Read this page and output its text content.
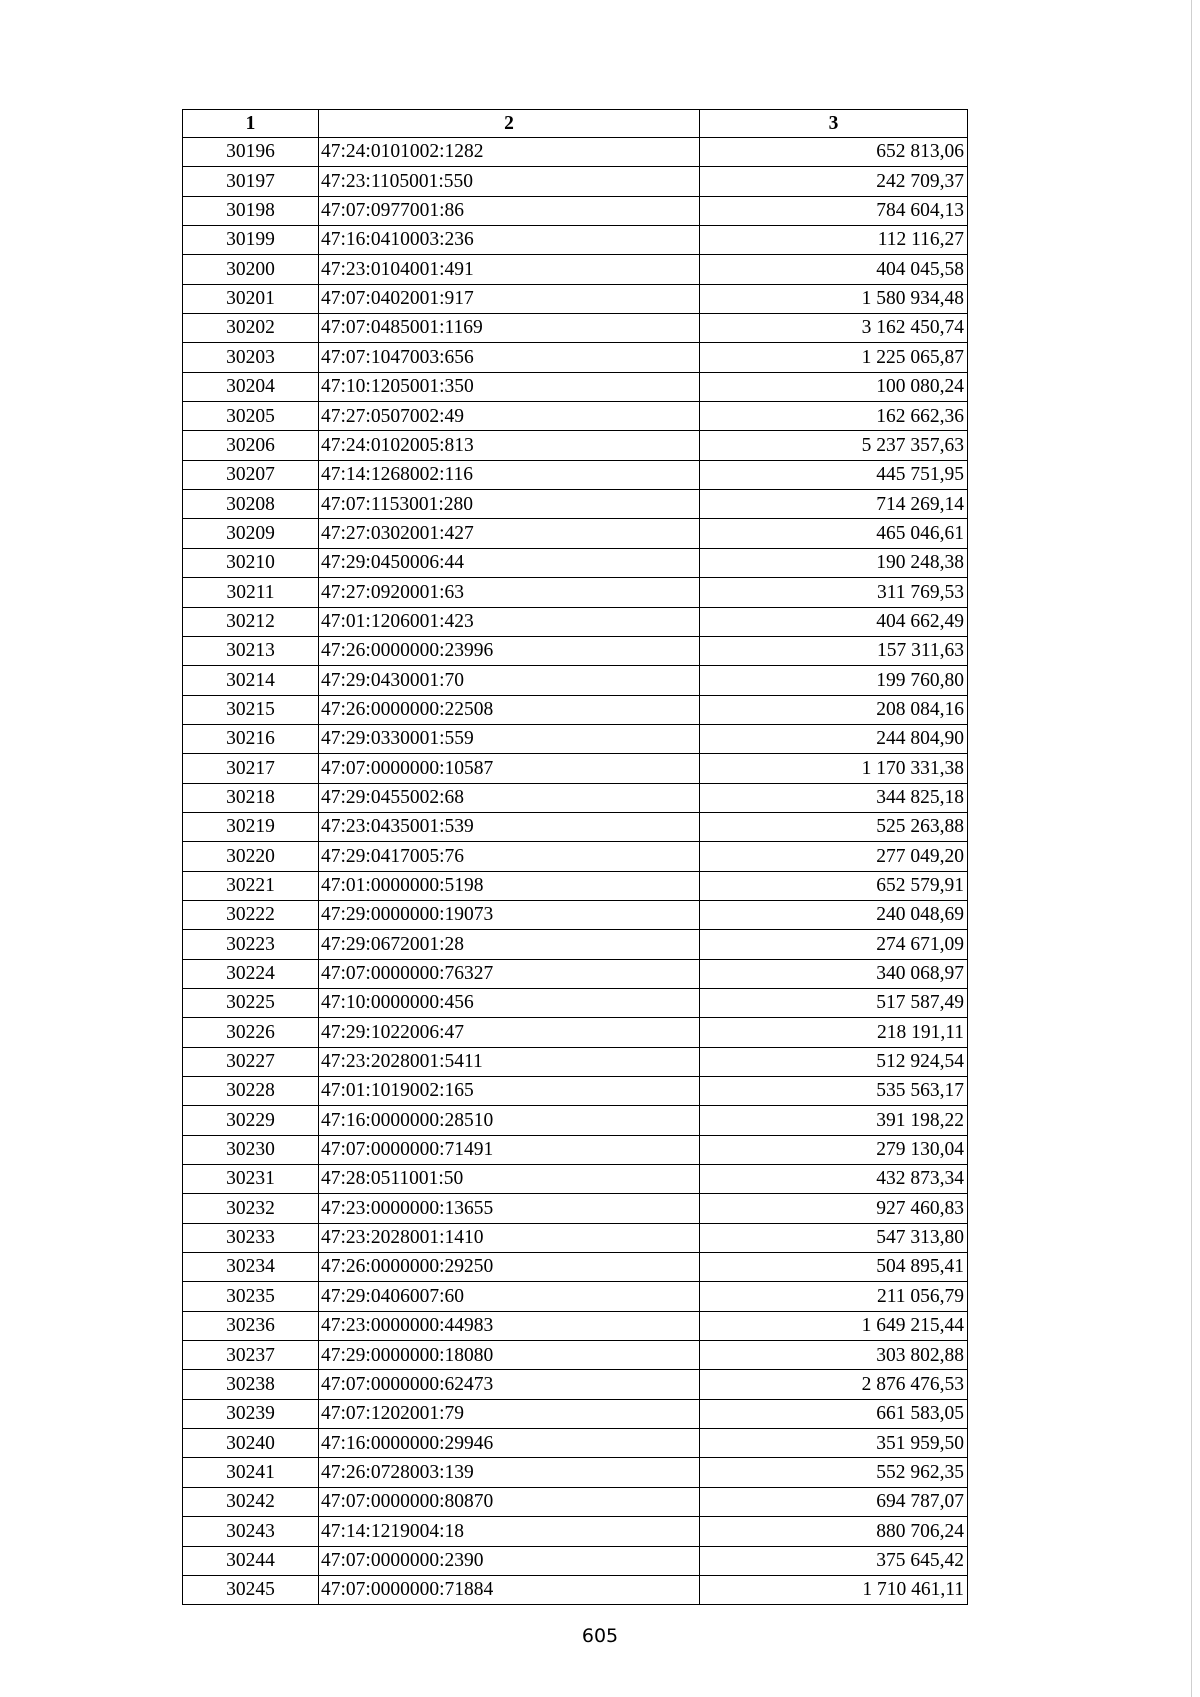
1	2	3
30196	47:24:0101002:1282	652 813,06
30197	47:23:1105001:550	242 709,37
30198	47:07:0977001:86	784 604,13
30199	47:16:0410003:236	112 116,27
30200	47:23:0104001:491	404 045,58
30201	47:07:0402001:917	1 580 934,48
30202	47:07:0485001:1169	3 162 450,74
30203	47:07:1047003:656	1 225 065,87
30204	47:10:1205001:350	100 080,24
30205	47:27:0507002:49	162 662,36
30206	47:24:0102005:813	5 237 357,63
30207	47:14:1268002:116	445 751,95
30208	47:07:1153001:280	714 269,14
30209	47:27:0302001:427	465 046,61
30210	47:29:0450006:44	190 248,38
30211	47:27:0920001:63	311 769,53
30212	47:01:1206001:423	404 662,49
30213	47:26:0000000:23996	157 311,63
30214	47:29:0430001:70	199 760,80
30215	47:26:0000000:22508	208 084,16
30216	47:29:0330001:559	244 804,90
30217	47:07:0000000:10587	1 170 331,38
30218	47:29:0455002:68	344 825,18
30219	47:23:0435001:539	525 263,88
30220	47:29:0417005:76	277 049,20
30221	47:01:0000000:5198	652 579,91
30222	47:29:0000000:19073	240 048,69
30223	47:29:0672001:28	274 671,09
30224	47:07:0000000:76327	340 068,97
30225	47:10:0000000:456	517 587,49
30226	47:29:1022006:47	218 191,11
30227	47:23:2028001:5411	512 924,54
30228	47:01:1019002:165	535 563,17
30229	47:16:0000000:28510	391 198,22
30230	47:07:0000000:71491	279 130,04
30231	47:28:0511001:50	432 873,34
30232	47:23:0000000:13655	927 460,83
30233	47:23:2028001:1410	547 313,80
30234	47:26:0000000:29250	504 895,41
30235	47:29:0406007:60	211 056,79
30236	47:23:0000000:44983	1 649 215,44
30237	47:29:0000000:18080	303 802,88
30238	47:07:0000000:62473	2 876 476,53
30239	47:07:1202001:79	661 583,05
30240	47:16:0000000:29946	351 959,50
30241	47:26:0728003:139	552 962,35
30242	47:07:0000000:80870	694 787,07
30243	47:14:1219004:18	880 706,24
30244	47:07:0000000:2390	375 645,42
30245	47:07:0000000:71884	1 710 461,11
605
